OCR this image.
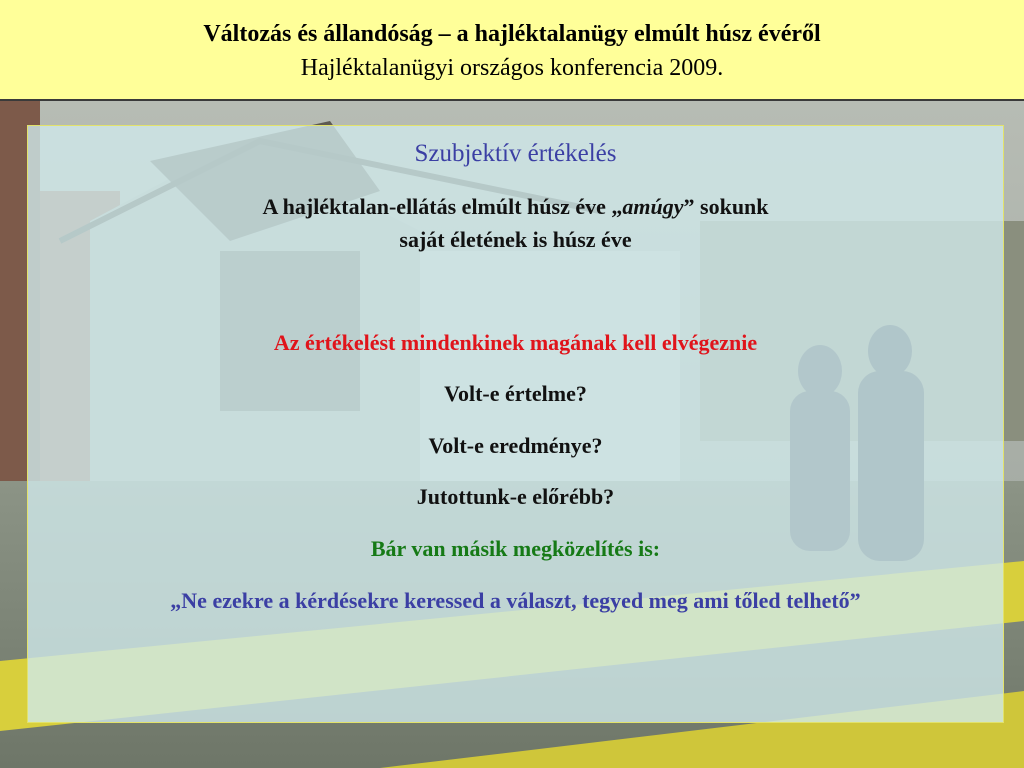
Változás és állandóság – a hajléktalanügy elmúlt húsz évéről
Hajléktalanügyi országos konferencia 2009.
Szubjektív értékelés
A hajléktalan-ellátás elmúlt húsz éve „amúgy” sokunk
saját életének is húsz éve
Az értékelést mindenkinek magának kell elvégeznie
Volt-e értelme?
Volt-e eredménye?
Jutottunk-e előrébb?
Bár van másik megközelítés is:
„Ne ezekre a kérdésekre keressed a választ, tegyed meg ami tőled telhető”
